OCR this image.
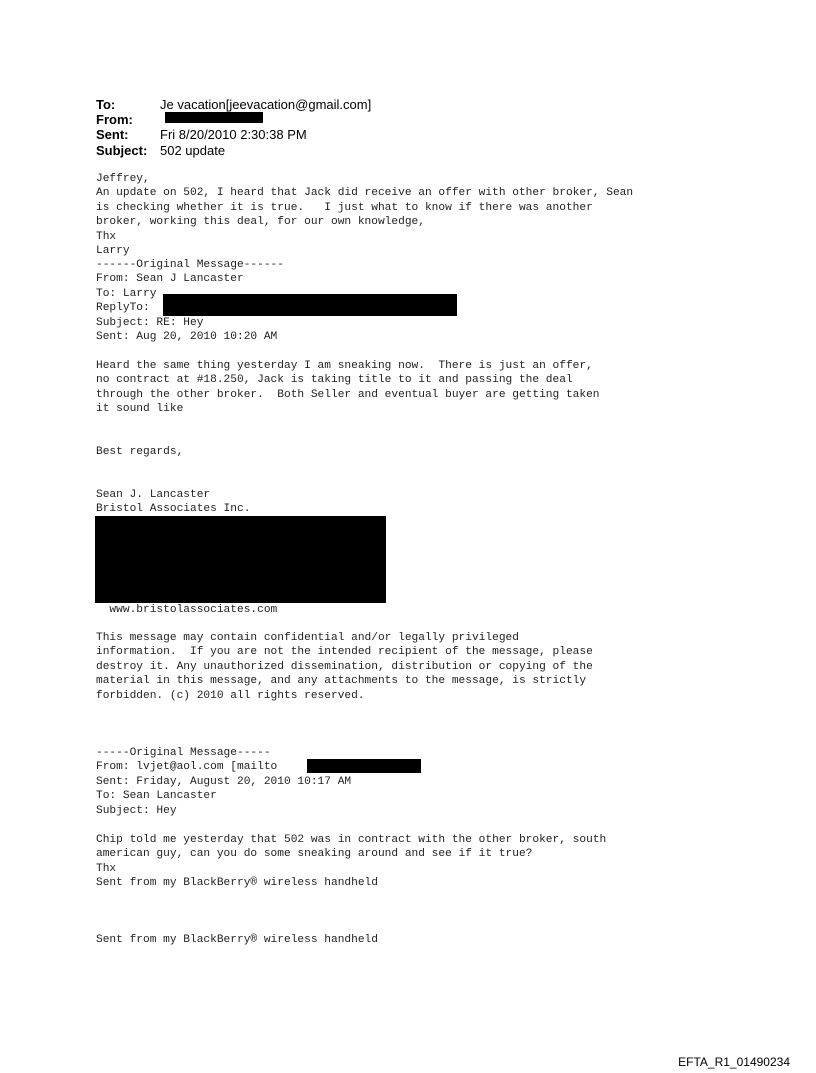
To:	Je vacation[jeevacation@gmail.com]
From:
Sent: Fri 8/20/2010 2:30:38 PM
Subject: 502 update
Jeffrey,
An update on 502, I heard that Jack did receive an offer with other broker, Sean
is checking whether it is true.   I just what to know if there was another
broker, working this deal, for our own knowledge,
Thx
Larry
------Original Message------
From: Sean J Lancaster
To: Larry
ReplyTo:
Subject: RE: Hey
Sent: Aug 20, 2010 10:20 AM
Heard the same thing yesterday I am sneaking now.  There is just an offer,
no contract at #18.250, Jack is taking title to it and passing the deal
through the other broker.  Both Seller and eventual buyer are getting taken
it sound like
Best regards,
Sean J. Lancaster
Bristol Associates Inc.
www.bristolassociates.com
This message may contain confidential and/or legally privileged
information.  If you are not the intended recipient of the message, please
destroy it. Any unauthorized dissemination, distribution or copying of the
material in this message, and any attachments to the message, is strictly
forbidden. (c) 2010 all rights reserved.
-----Original Message-----
From: lvjet@aol.com [mailto
Sent: Friday, August 20, 2010 10:17 AM
To: Sean Lancaster
Subject: Hey
Chip told me yesterday that 502 was in contract with the other broker, south
american guy, can you do some sneaking around and see if it true?
Thx
Sent from my BlackBerry® wireless handheld
Sent from my BlackBerry® wireless handheld
EFTA_R1_01490234
